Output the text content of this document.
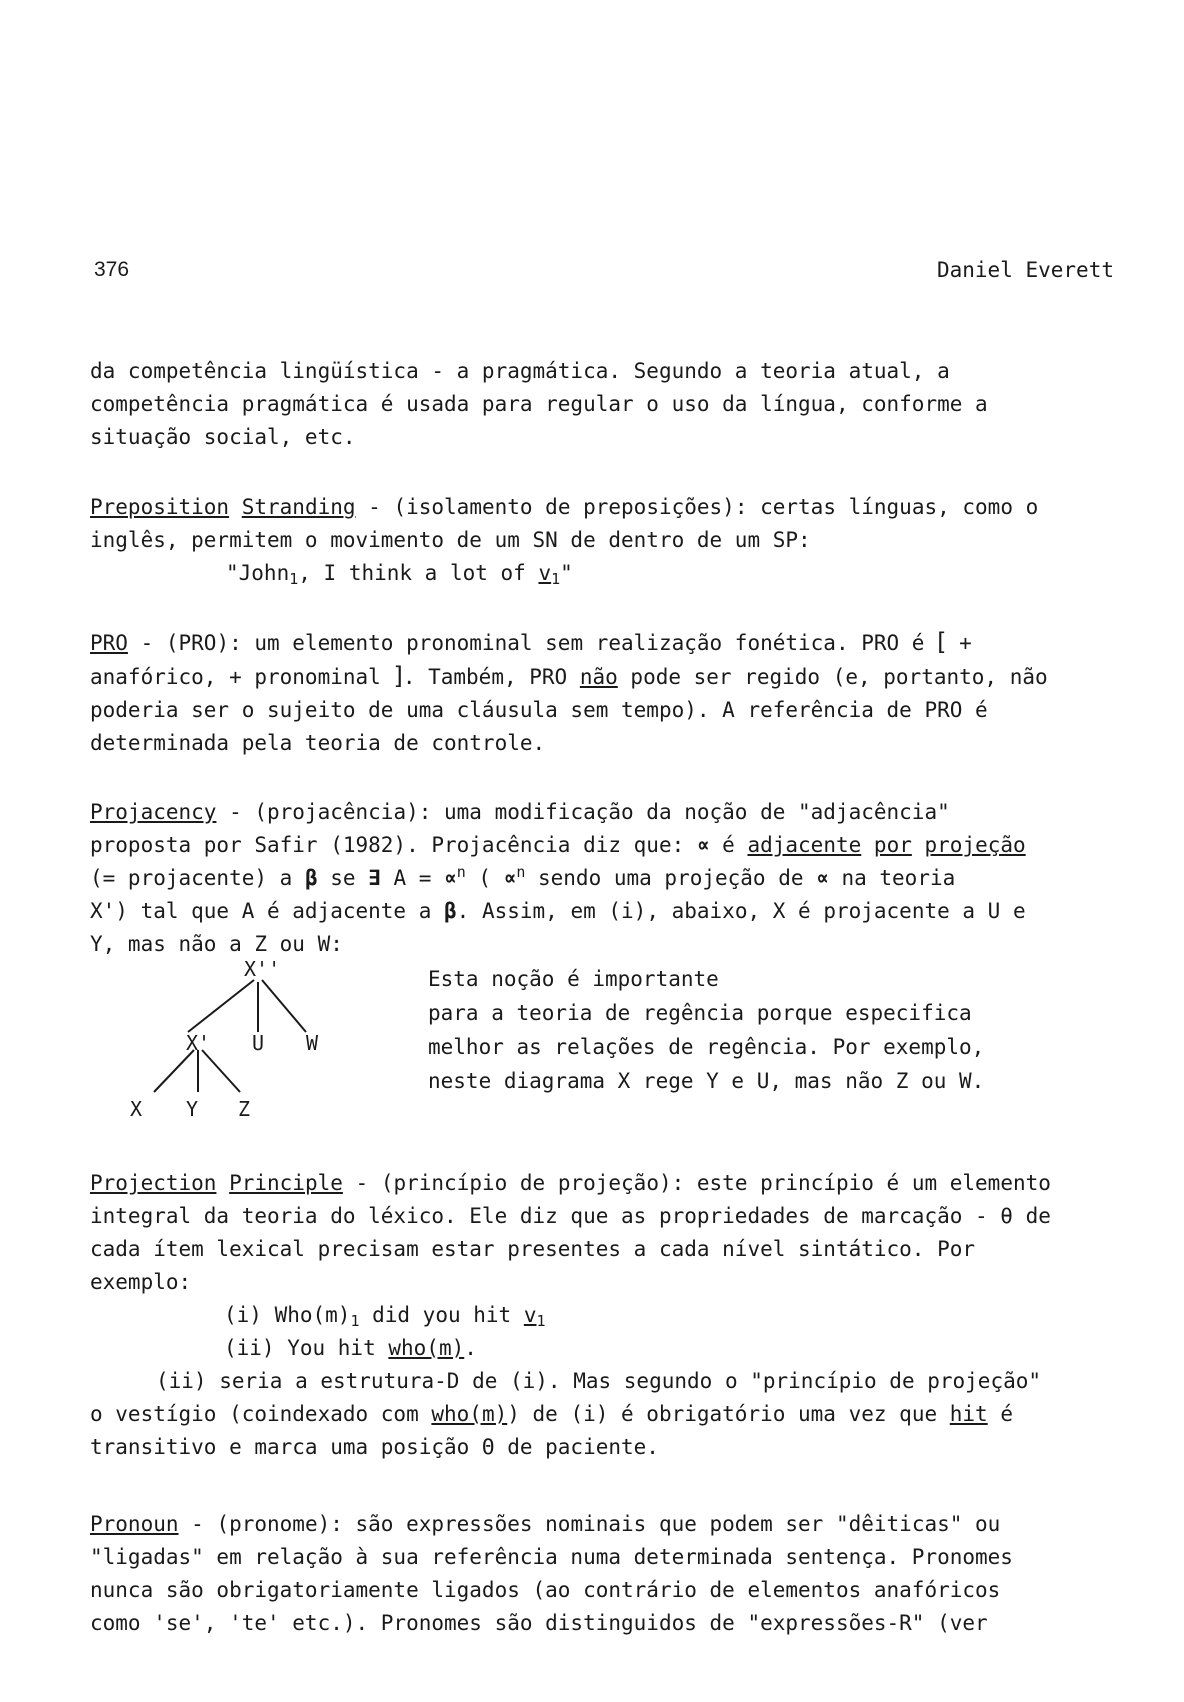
376	Daniel Everett
da competência lingüística - a pragmática. Segundo a teoria atual, a
competência pragmática é usada para regular o uso da língua, conforme a
situação social, etc.
Preposition Stranding - (isolamento de preposições): certas línguas, como o
inglês, permitem o movimento de um SN de dentro de um SP:
"John$_1$, I think a lot of $v_1$"
PRO - (PRO): um elemento pronominal sem realização fonética. PRO é [ +
anafórico, + pronominal ]. Também, PRO não pode ser regido (e, portanto, não
poderia ser o sujeito de uma cláusula sem tempo). A referência de PRO é
determinada pela teoria de controle.
Projacency - (projacência): uma modificação da noção de "adjacência"
proposta por Safir (1982). Projacência diz que: ∝ é adjacente por projeção
(= projacente) a β se ∃ A = ∝$^n$ ( ∝$^n$ sendo uma projeção de ∝ na teoria
X') tal que A é adjacente a β. Assim, em (i), abaixo, X é projacente a U e
Y, mas não a Z ou W:
X''
X' U W
X Y Z
Esta noção é importante
para a teoria de regência porque especifica
melhor as relações de regência. Por exemplo,
neste diagrama X rege Y e U, mas não Z ou W.
Projection Principle - (princípio de projeção): este princípio é um elemento
integral da teoria do léxico. Ele diz que as propriedades de marcação - θ de
cada ítem lexical precisam estar presentes a cada nível sintático. Por
exemplo:
(i) $Who(m)_1$ did you hit $v_1$
(ii) You hit who(m).
(ii) seria a estrutura-D de (i). Mas segundo o "princípio de projeção"
o vestígio (coindexado com who(m)) de (i) é obrigatório uma vez que hit é
transitivo e marca uma posição Θ de paciente.
Pronoun - (pronome): são expressões nominais que podem ser "dêiticas" ou
"ligadas" em relação à sua referência numa determinada sentença. Pronomes
nunca são obrigatoriamente ligados (ao contrário de elementos anafóricos
como 'se', 'te' etc.). Pronomes são distinguidos de "expressões-R" (ver
